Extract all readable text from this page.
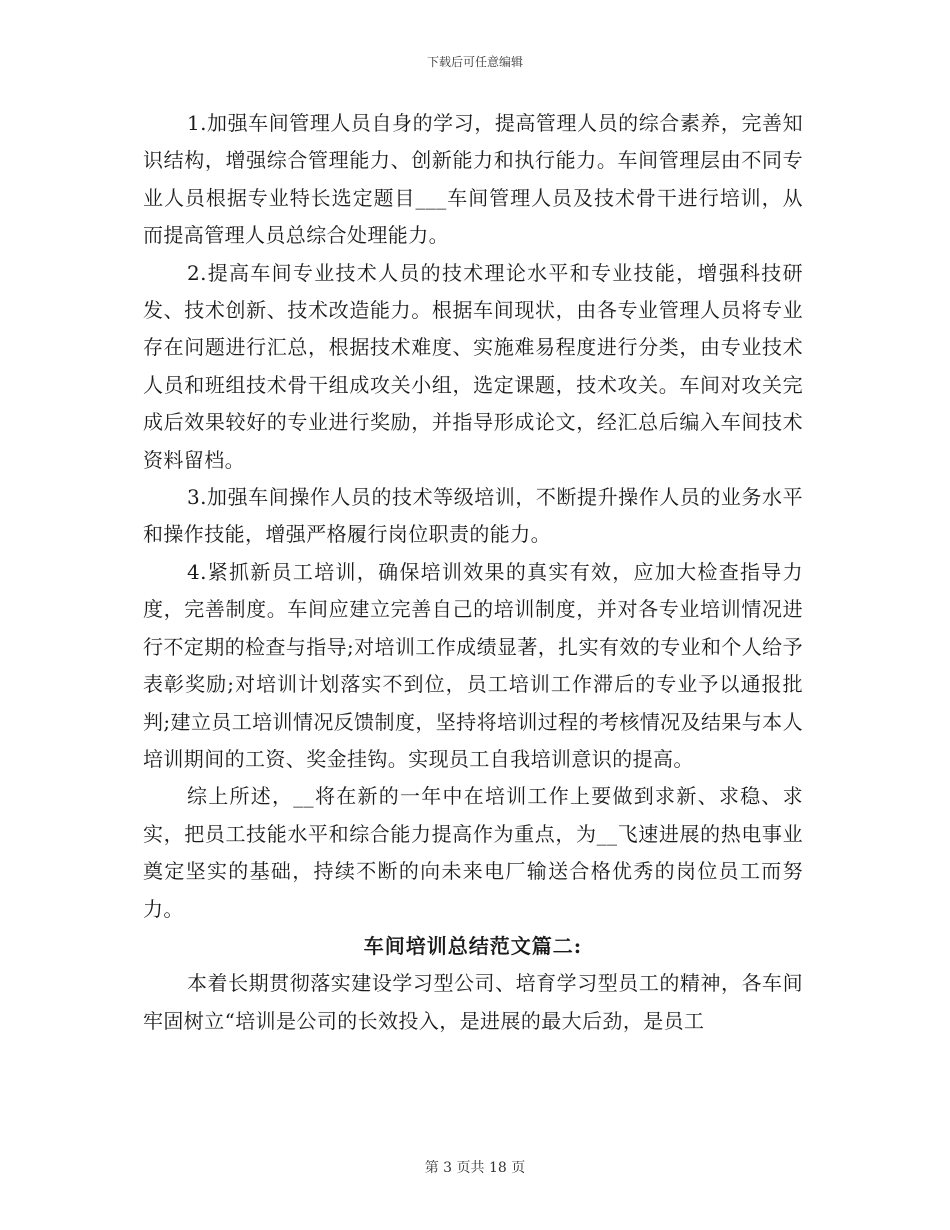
下载后可任意编辑

1.加强车间管理人员自身的学习，提高管理人员的综合素养，完善知识结构，增强综合管理能力、创新能力和执行能力。车间管理层由不同专业人员根据专业特长选定题目___车间管理人员及技术骨干进行培训，从而提高管理人员总综合处理能力。

2.提高车间专业技术人员的技术理论水平和专业技能，增强科技研发、技术创新、技术改造能力。根据车间现状，由各专业管理人员将专业存在问题进行汇总，根据技术难度、实施难易程度进行分类，由专业技术人员和班组技术骨干组成攻关小组，选定课题，技术攻关。车间对攻关完成后效果较好的专业进行奖励，并指导形成论文，经汇总后编入车间技术资料留档。

3.加强车间操作人员的技术等级培训，不断提升操作人员的业务水平和操作技能，增强严格履行岗位职责的能力。

4.紧抓新员工培训，确保培训效果的真实有效，应加大检查指导力度，完善制度。车间应建立完善自己的培训制度，并对各专业培训情况进行不定期的检查与指导;对培训工作成绩显著，扎实有效的专业和个人给予表彰奖励;对培训计划落实不到位，员工培训工作滞后的专业予以通报批判;建立员工培训情况反馈制度，坚持将培训过程的考核情况及结果与本人培训期间的工资、奖金挂钩。实现员工自我培训意识的提高。

综上所述，__将在新的一年中在培训工作上要做到求新、求稳、求实，把员工技能水平和综合能力提高作为重点，为__飞速进展的热电事业奠定坚实的基础，持续不断的向未来电厂输送合格优秀的岗位员工而努力。

车间培训总结范文篇二:

本着长期贯彻落实建设学习型公司、培育学习型员工的精神，各车间牢固树立“培训是公司的长效投入，是进展的最大后劲，是员工

第 3 页共 18 页
